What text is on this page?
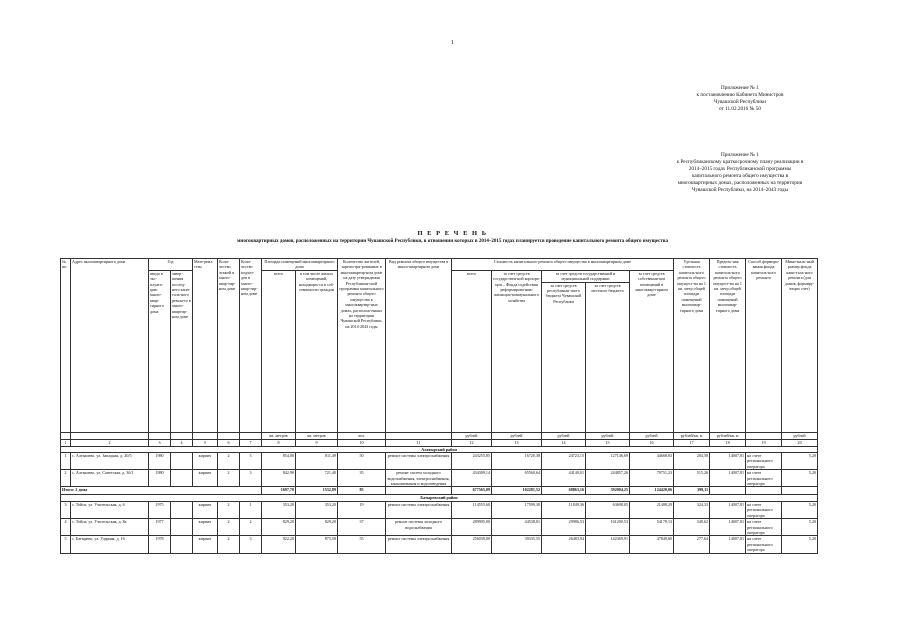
1
Приложение № 1
к постановлению Кабинета Министров
Чувашской Республики
от 11.02.2016 № 50
Приложение № 1
к Республиканскому краткосрочному плану реализации в
2014–2015 годах Республиканской программы
капитального ремонта общего имущества в
многоквартирных домах, расположенных на территории
Чувашской Республики, на 2014–2043 годы
П Е Р Е Ч Е Н Ь
многоквартирных домов, расположенных на территории Чувашской Республики, в отношении которых в 2014–2015 годах планируется проведение капитального ремонта общего имущества
№ пп	Адрес многоквартирного дома	Год		Мате-риал стен	Коли-чество этажей в много-квар-тир-ном доме	Коли-чество подъез-дов в много-квар-тир-ном доме	Площадь помещений многоквартирного дома		Количество жителей, зарегистри-рованных в многоквартир-ном доме на дату утверждения Республикан-ской программы капитального ремонта общего имущества в многоквартир-ных домах, располож-енных на территории Чувашской Республики, на 2014-2043 годы	Вид ремонта общего имущества в много-квартирном доме	Стоимость капитального ремонта общего имущества в многоквартирном доме					Удельная стоимость капиталь-ного ремонта общего имущест-ва на 1 кв. метр общей площади помещений многоквар-тирного дома	Предель-ная стоимость капиталь-ного ремонта общего имущест-ва на 1 кв. метр общей площади помещений многоквар-тирного дома	Способ формиро-вания фонда капиталь-ного ремонта	Мини-маль-ный размер фонда капи-таль-ного ремонта (для домов, формиру-ющих счет)
		ввода в экс-плуата-цию много-квар-тирного дома	завер-шения послед-него капи-таль-ного ремон-та в много-квартир-ном доме				всего	в том числе жилых помещений, находящих-ся в соб-ственности граждан			всего	за счет средств государствен-ной корпора-ции – Фонда содействия реформирова-нию жилищно-коммунального хозяйства	за счет средств государственной и муниципальной поддержки		за счет средств собственни-ков помещений в многоквар-тирном доме				
													за счет средств республикан-ского бюджета Чувашской Республики	за счет средств местного бюджета					
							кв. метров	кв. метров	чел.		рублей	рублей	рублей	рублей	рублей	рублей/кв. м	рублей/кв. м		рублей
1	2	3	4	5	6	7	8	9	10	11	12	13	14	15	16	17	18	19	20
Алатырский район																			
1	с. Алтышево, ул. Западная, д. 20/5	1980		кирпич	2	3	854,80	811,49	50	ремонт системы электроснабжения	243255,85	16720,38	24723,15	127146,69	44668,83	284,58	14007,81	на счете регионального оператора	5,20
2	с. Алтышево, ул. Советская, д. 36/1	1980		кирпич	2	3	842,90	721,40	35	ремонт систем холодного водоснабжения, электроснабжения, канализования и водоотведения	434309,14	65560,64	44140,01	244857,26	79751,23	515,26	14007,81	на счете регионального оператора	5,20
Итого: 2 дома							1697,70	1532,89	85		677565,09	102281,52	68863,16	392004,25	124420,06	399,11			
Батыревский район																			
3	с. Тойси, ул. Учительская, д. 6	1975		кирпич	2	1	353,20	353,20	19	ремонт системы электроснабжения	114555,60	17599,30	11849,36	63698,05	21408,29	324,33	14007,81	на счете регионального оператора	5,20
4	с. Тойси, ул. Учительская, д. 8а	1977		кирпич	2	2	829,20	829,20	37	ремонт системы холодного водоснабжения	289905,00	44538,81	29986,53	161200,53	54179,13	349,62	14007,81	на счете регионального оператора	5,20
5	с. Батырево, ул. Ударная, д. 16	1978		кирпич	2	3	922,20	875,58	55	ремонт системы электроснабжения	256039,00	39335,55	26483,94	142369,91	47849,60	277,64	14007,81	на счете регионального оператора	5,20
